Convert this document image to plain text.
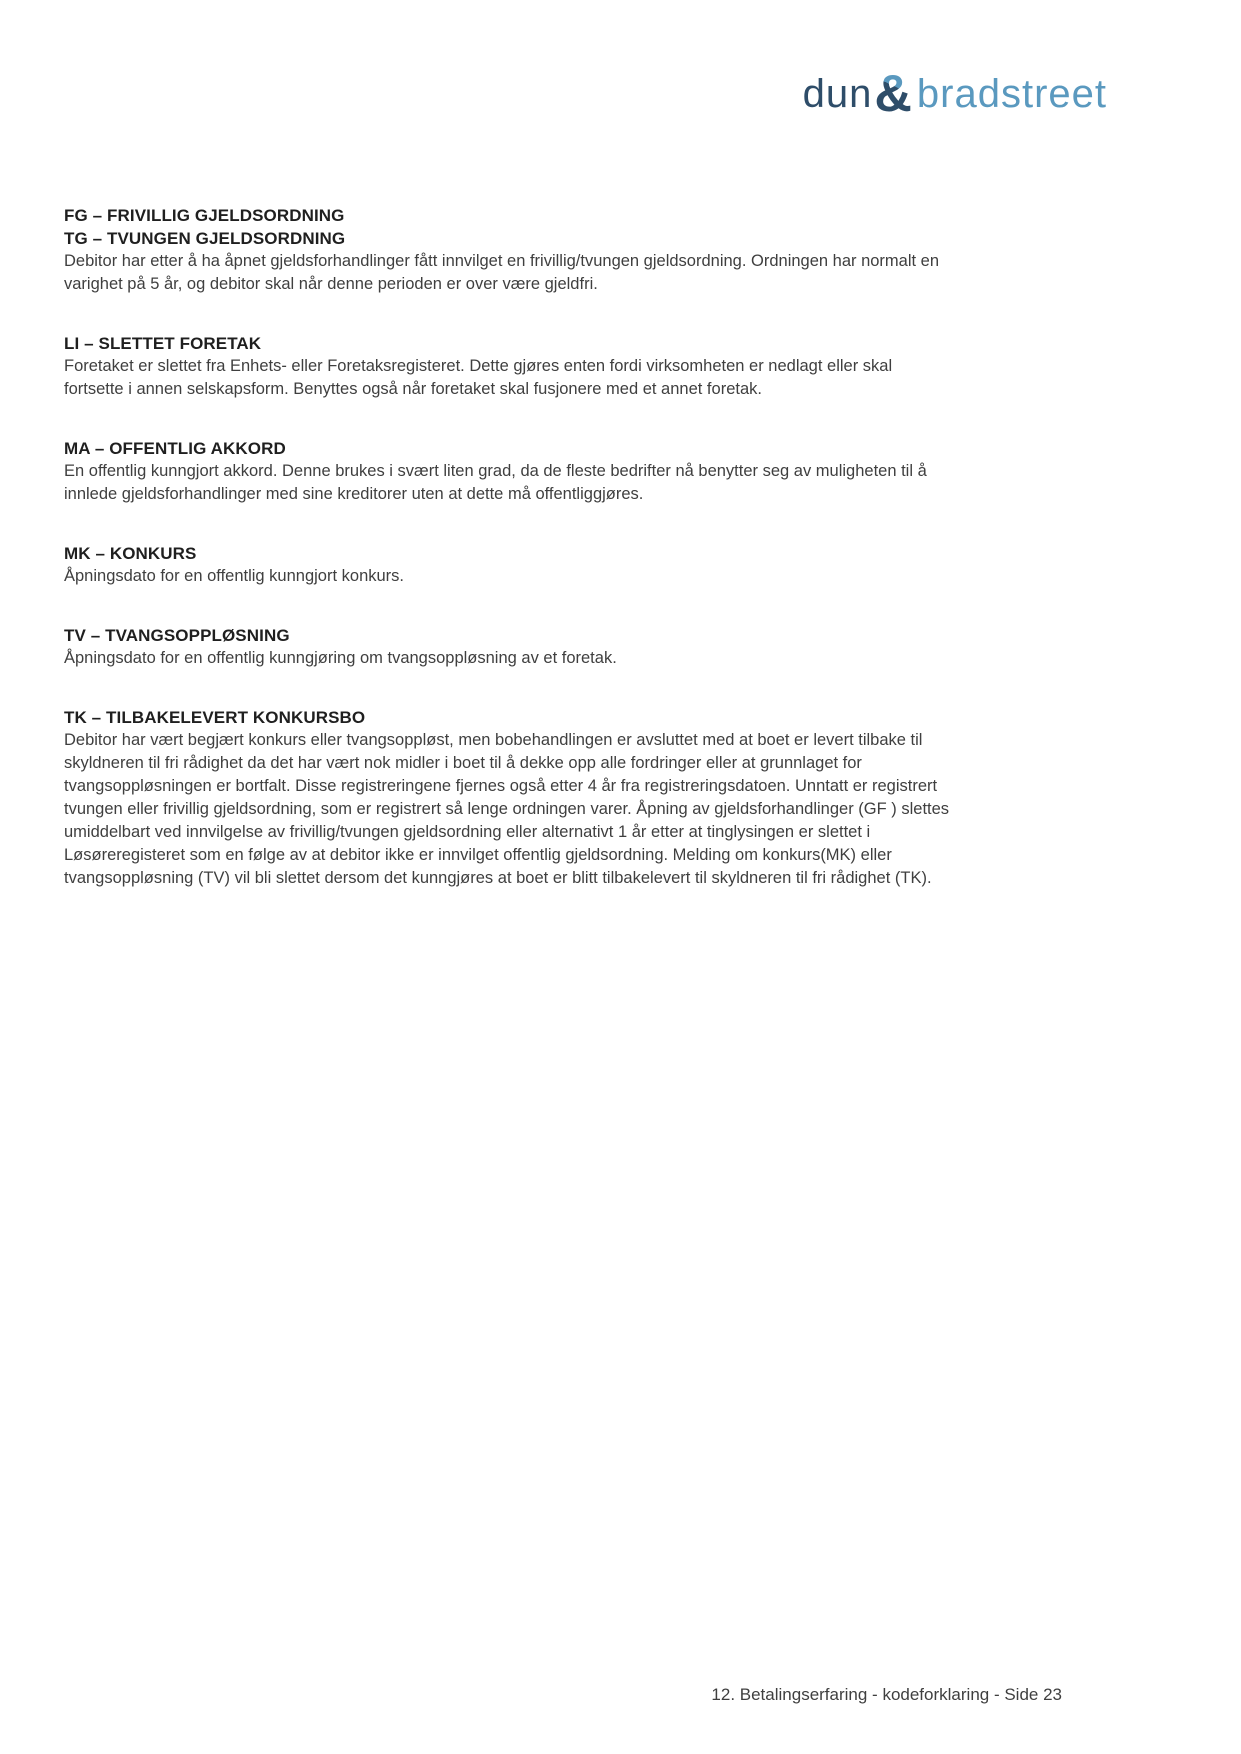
dun& bradstreet
FG – FRIVILLIG GJELDSORDNING
TG – TVUNGEN GJELDSORDNING

Debitor har etter å ha åpnet gjeldsforhandlinger fått innvilget en frivillig/tvungen gjeldsordning. Ordningen har normalt en varighet på 5 år, og debitor skal når denne perioden er over være gjeldfri.

LI – SLETTET FORETAK

Foretaket er slettet fra Enhets- eller Foretaksregisteret. Dette gjøres enten fordi virksomheten er nedlagt eller skal fortsette i annen selskapsform. Benyttes også når foretaket skal fusjonere med et annet foretak.

MA – OFFENTLIG AKKORD

En offentlig kunngjort akkord. Denne brukes i svært liten grad, da de fleste bedrifter nå benytter seg av muligheten til å innlede gjeldsforhandlinger med sine kreditorer uten at dette må offentliggjøres.

MK – KONKURS

Åpningsdato for en offentlig kunngjort konkurs.

TV – TVANGSOPPLØSNING

Åpningsdato for en offentlig kunngjøring om tvangsoppløsning av et foretak.

TK – TILBAKELEVERT KONKURSBO

Debitor har vært begjært konkurs eller tvangsoppløst, men bobehandlingen er avsluttet med at boet er levert tilbake til skyldneren til fri rådighet da det har vært nok midler i boet til å dekke opp alle fordringer eller at grunnlaget for tvangsoppløsningen er bortfalt. Disse registreringene fjernes også etter 4 år fra registreringsdatoen. Unntatt er registrert tvungen eller frivillig gjeldsordning, som er registrert så lenge ordningen varer. Åpning av gjeldsforhandlinger (GF ) slettes umiddelbart ved innvilgelse av frivillig/tvungen gjeldsordning eller alternativt 1 år etter at tinglysingen er slettet i Løsøreregisteret som en følge av at debitor ikke er innvilget offentlig gjeldsordning. Melding om konkurs(MK) eller tvangsoppløsning (TV) vil bli slettet dersom det kunngjøres at boet er blitt tilbakelevert til skyldneren til fri rådighet (TK).

12. Betalingserfaring - kodeforklaring - Side 23
